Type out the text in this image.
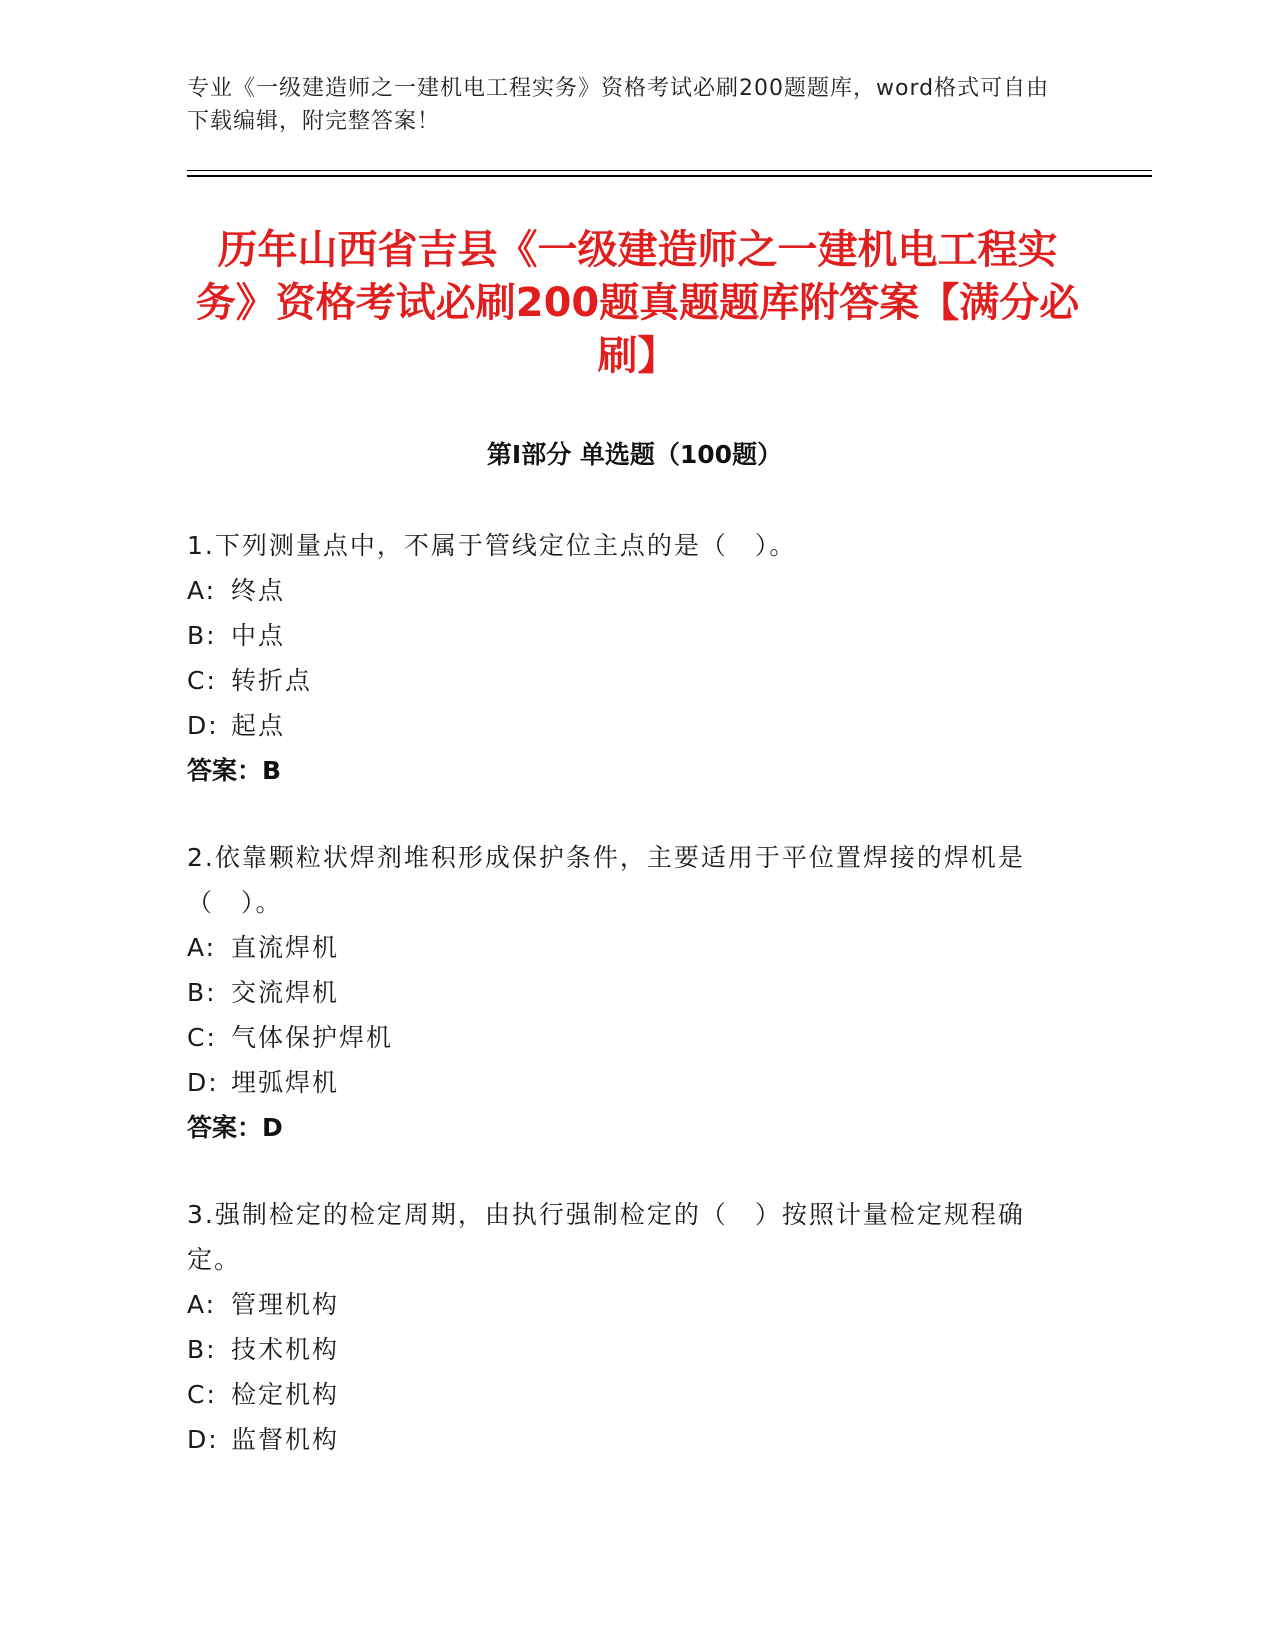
专业《一级建造师之一建机电工程实务》资格考试必刷200题题库，word格式可自由下载编辑，附完整答案！
历年山西省吉县《一级建造师之一建机电工程实务》资格考试必刷200题真题题库附答案【满分必刷】
第I部分 单选题（100题）
1.下列测量点中，不属于管线定位主点的是（　）。
A: 终点
B: 中点
C: 转折点
D: 起点
答案：B
2.依靠颗粒状焊剂堆积形成保护条件，主要适用于平位置焊接的焊机是（　）。
A: 直流焊机
B: 交流焊机
C: 气体保护焊机
D: 埋弧焊机
答案：D
3.强制检定的检定周期，由执行强制检定的（　）按照计量检定规程确定。
A: 管理机构
B: 技术机构
C: 检定机构
D: 监督机构
